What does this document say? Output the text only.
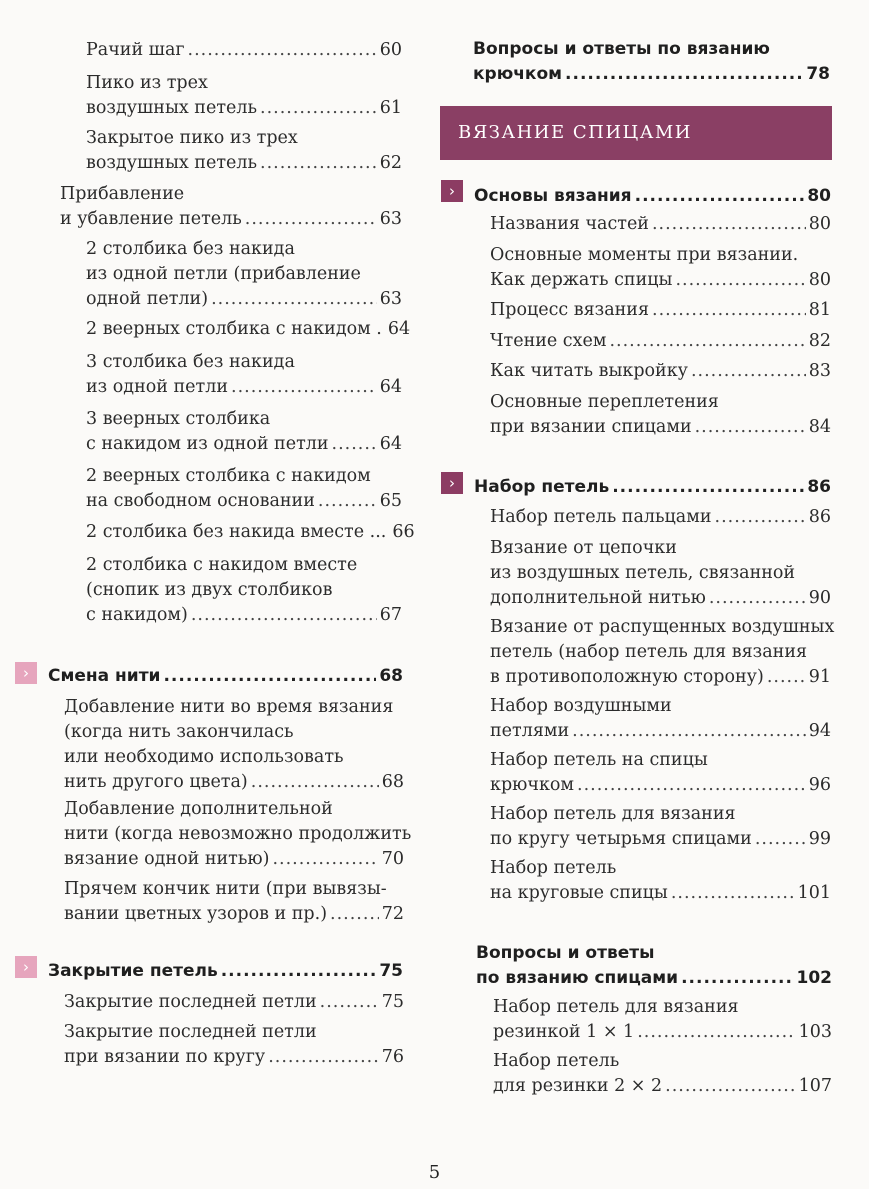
Рачий шаг .....	60
Пико из трех
воздушных петель .....	61
Закрытое пико из трех
воздушных петель .....	62
Прибавление
и убавление петель .....	63
2 столбика без накида
из одной петли (прибавление
одной петли) .....	63
2 веерных столбика с накидом . 64
3 столбика без накида
из одной петли .....	64
3 веерных столбика
с накидом из одной петли .....	64
2 веерных столбика с накидом
на свободном основании .....	65
2 столбика без накида вместе ... 66
2 столбика с накидом вместе
(снопик из двух столбиков
с накидом) .....	67
›	Смена нити .....	68
Добавление нити во время вязания
(когда нить закончилась
или необходимо использовать
нить другого цвета) .....	68
Добавление дополнительной
нити (когда невозможно продолжить
вязание одной нитью) .....	70
Прячем кончик нити (при вывязы-
вании цветных узоров и пр.) .....	72
›	Закрытие петель .....	75
Закрытие последней петли .....	75
Закрытие последней петли
при вязании по кругу .....	76
Вопросы и ответы по вязанию
крючком .....	78
ВЯЗАНИЕ СПИЦАМИ
›	Основы вязания .....	80
Названия частей .....	80
Основные моменты при вязании.
Как держать спицы .....	80
Процесс вязания .....	81
Чтение схем .....	82
Как читать выкройку .....	83
Основные переплетения
при вязании спицами .....	84
›	Набор петель .....	86
Набор петель пальцами .....	86
Вязание от цепочки
из воздушных петель, связанной
дополнительной нитью .....	90
Вязание от распущенных воздушных
петель (набор петель для вязания
в противоположную сторону) .....	91
Набор воздушными
петлями .....	94
Набор петель на спицы
крючком .....	96
Набор петель для вязания
по кругу четырьмя спицами .....	99
Набор петель
на круговые спицы .....	101
Вопросы и ответы
по вязанию спицами .....	102
Набор петель для вязания
резинкой 1 × 1 .....	103
Набор петель
для резинки 2 × 2 .....	107
5
